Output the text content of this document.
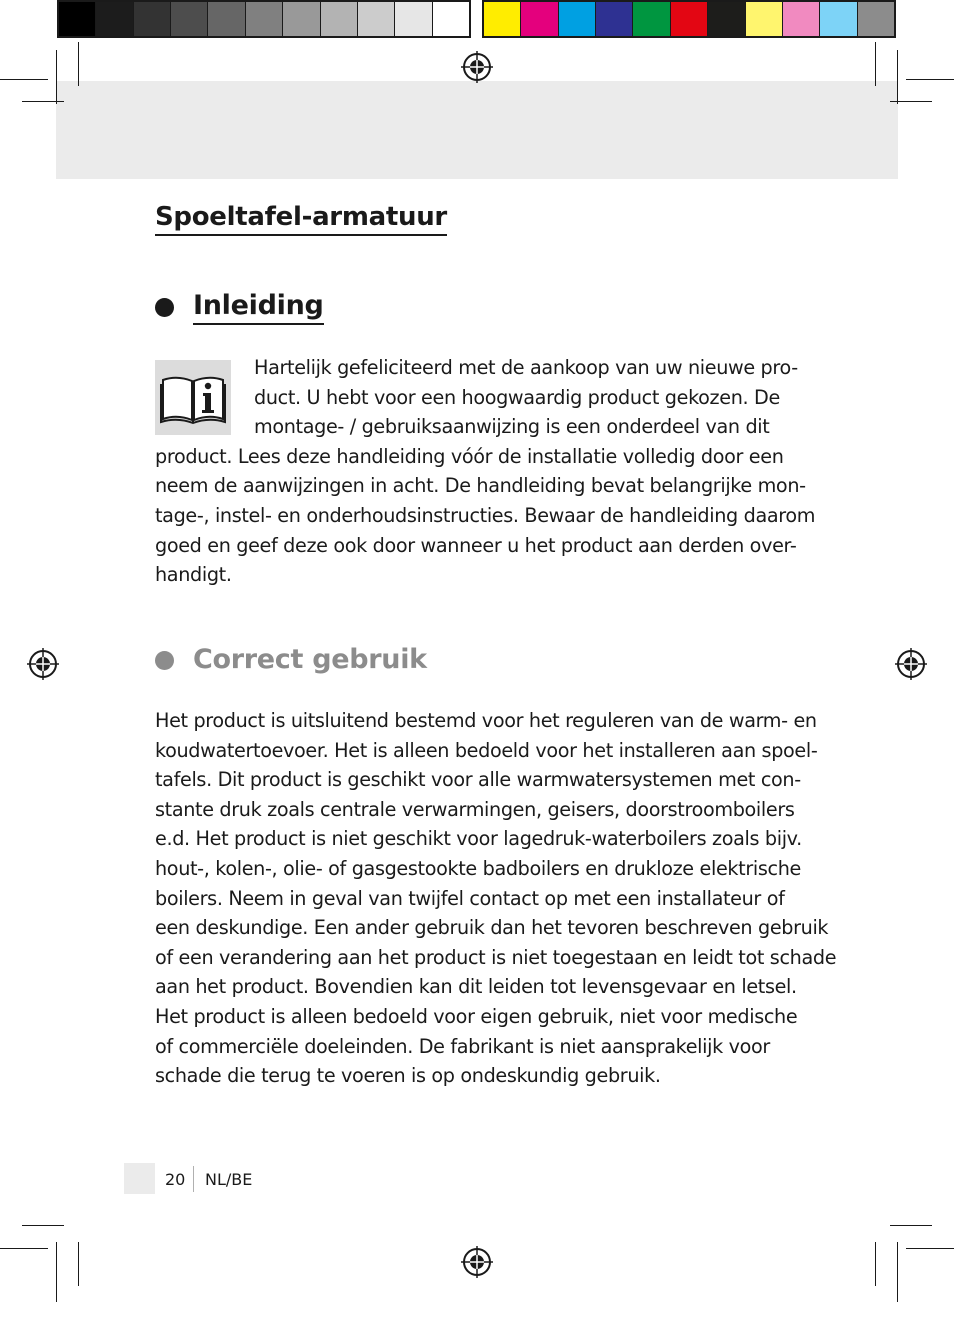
Spoeltafel-armatuur
Inleiding

Hartelijk gefeliciteerd met de aankoop van uw nieuwe pro-
duct. U hebt voor een hoogwaardig product gekozen. De
montage- / gebruiksaanwijzing is een onderdeel van dit
product. Lees deze handleiding vóór de installatie volledig door een
neem de aanwijzingen in acht. De handleiding bevat belangrijke mon-
tage-, instel- en onderhoudsinstructies. Bewaar de handleiding daarom
goed en geef deze ook door wanneer u het product aan derden over-
handigt.

Correct gebruik

Het product is uitsluitend bestemd voor het reguleren van de warm- en
koudwatertoevoer. Het is alleen bedoeld voor het installeren aan spoel-
tafels. Dit product is geschikt voor alle warmwatersystemen met con-
stante druk zoals centrale verwarmingen, geisers, doorstroomboilers
e.d. Het product is niet geschikt voor lagedruk-waterboilers zoals bijv.
hout-, kolen-, olie- of gasgestookte badboilers en drukloze elektrische
boilers. Neem in geval van twijfel contact op met een installateur of
een deskundige. Een ander gebruik dan het tevoren beschreven gebruik
of een verandering aan het product is niet toegestaan en leidt tot schade
aan het product. Bovendien kan dit leiden tot levensgevaar en letsel.
Het product is alleen bedoeld voor eigen gebruik, niet voor medische
of commerciële doeleinden. De fabrikant is niet aansprakelijk voor
schade die terug te voeren is op ondeskundig gebruik.

20 NL/BE
